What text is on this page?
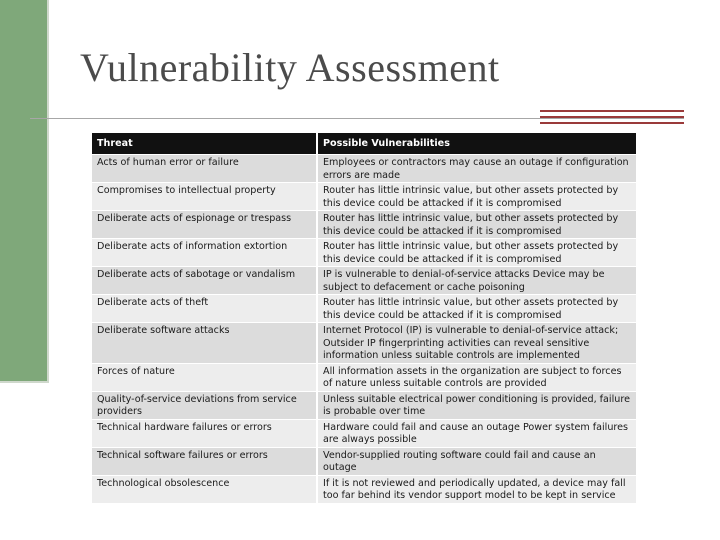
Vulnerability Assessment
Threat	Possible Vulnerabilities
Acts of human error or failure	Employees or contractors may cause an outage if configuration errors are made
Compromises to intellectual property	Router has little intrinsic value, but other assets protected by this device could be attacked if it is compromised
Deliberate acts of espionage or trespass	Router has little intrinsic value, but other assets protected by this device could be attacked if it is compromised
Deliberate acts of information extortion	Router has little intrinsic value, but other assets protected by this device could be attacked if it is compromised
Deliberate acts of sabotage or vandalism	IP is vulnerable to denial-of-service attacks Device may be subject to defacement or cache poisoning
Deliberate acts of theft	Router has little intrinsic value, but other assets protected by this device could be attacked if it is compromised
Deliberate software attacks	Internet Protocol (IP) is vulnerable to denial-of-service attack; Outsider IP fingerprinting activities can reveal sensitive information unless suitable controls are implemented
Forces of nature	All information assets in the organization are subject to forces of nature unless suitable controls are provided
Quality-of-service deviations from service providers	Unless suitable electrical power conditioning is provided, failure is probable over time
Technical hardware failures or errors	Hardware could fail and cause an outage Power system failures are always possible
Technical software failures or errors	Vendor-supplied routing software could fail and cause an outage
Technological obsolescence	If it is not reviewed and periodically updated, a device may fall too far behind its vendor support model to be kept in service
